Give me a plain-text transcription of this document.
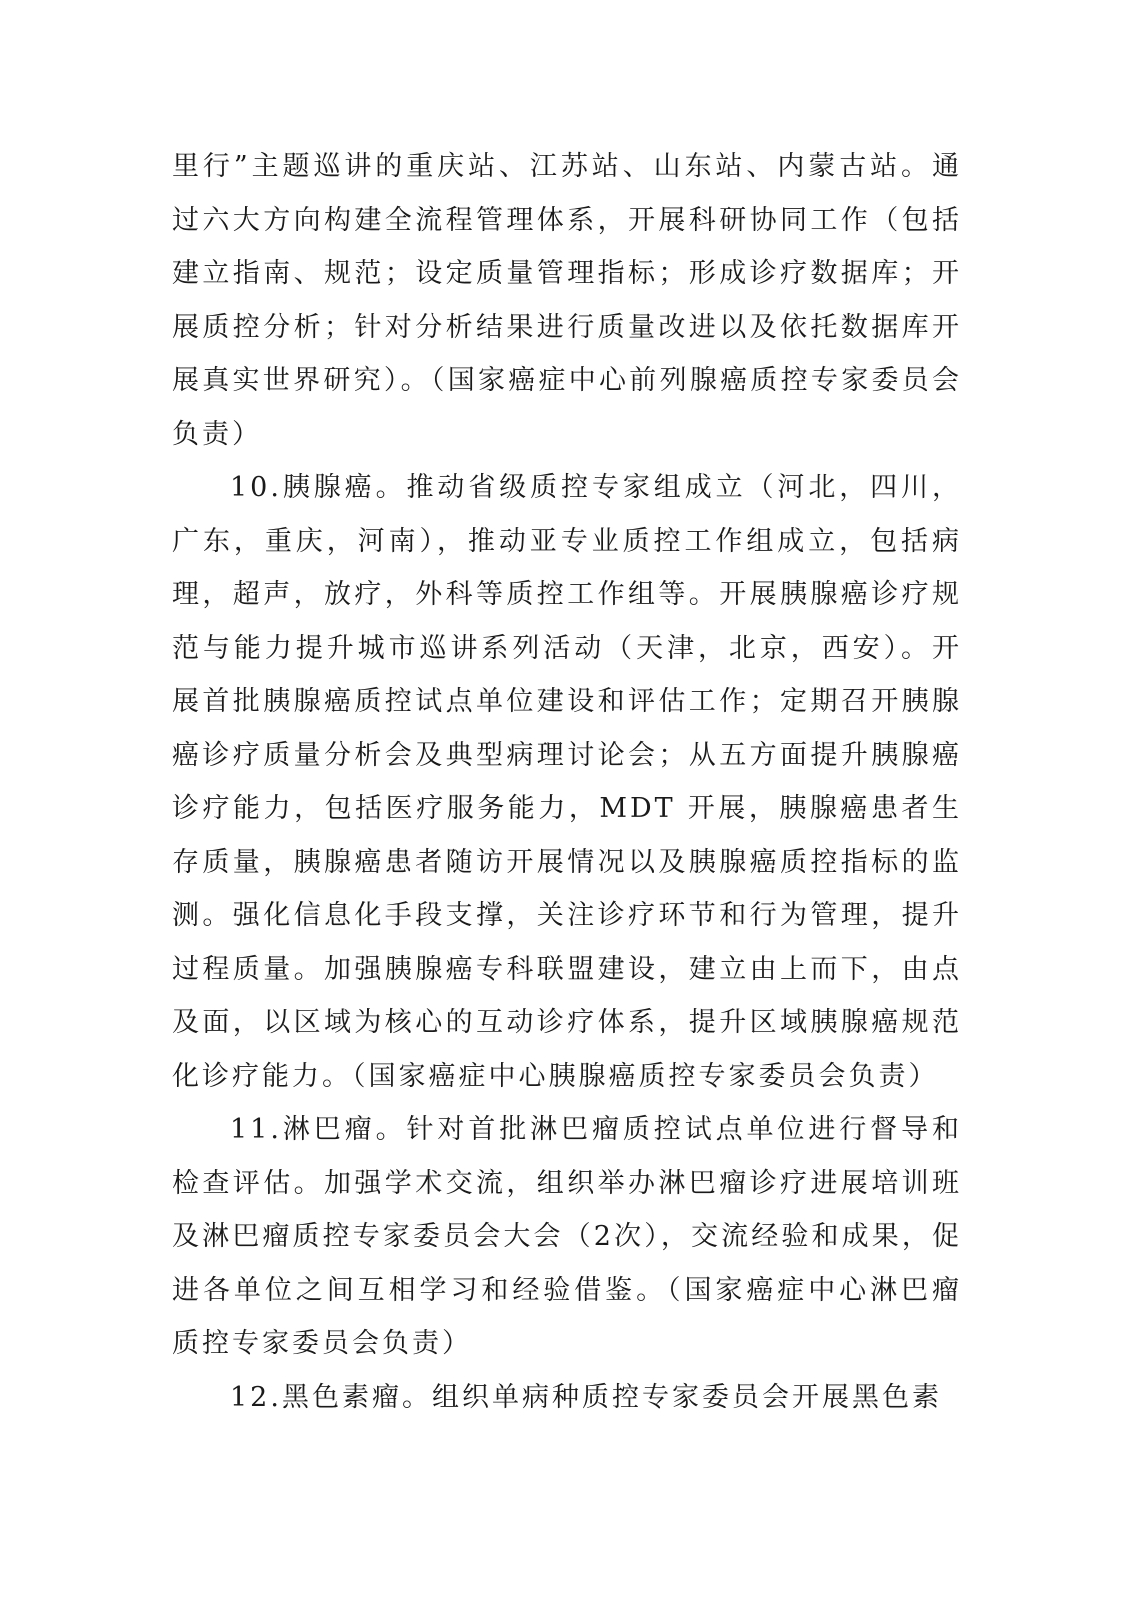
里行”主题巡讲的重庆站、江苏站、山东站、内蒙古站。通过六大方向构建全流程管理体系，开展科研协同工作（包括建立指南、规范；设定质量管理指标；形成诊疗数据库；开展质控分析；针对分析结果进行质量改进以及依托数据库开展真实世界研究）。（国家癌症中心前列腺癌质控专家委员会负责）

10.胰腺癌。推动省级质控专家组成立（河北，四川，广东，重庆，河南），推动亚专业质控工作组成立，包括病理，超声，放疗，外科等质控工作组等。开展胰腺癌诊疗规范与能力提升城市巡讲系列活动（天津，北京，西安）。开展首批胰腺癌质控试点单位建设和评估工作；定期召开胰腺癌诊疗质量分析会及典型病理讨论会；从五方面提升胰腺癌诊疗能力，包括医疗服务能力，MDT 开展，胰腺癌患者生存质量，胰腺癌患者随访开展情况以及胰腺癌质控指标的监测。强化信息化手段支撑，关注诊疗环节和行为管理，提升过程质量。加强胰腺癌专科联盟建设，建立由上而下，由点及面，以区域为核心的互动诊疗体系，提升区域胰腺癌规范化诊疗能力。（国家癌症中心胰腺癌质控专家委员会负责）

11.淋巴瘤。针对首批淋巴瘤质控试点单位进行督导和检查评估。加强学术交流，组织举办淋巴瘤诊疗进展培训班及淋巴瘤质控专家委员会大会（2次），交流经验和成果，促进各单位之间互相学习和经验借鉴。（国家癌症中心淋巴瘤质控专家委员会负责）

12.黑色素瘤。组织单病种质控专家委员会开展黑色素
